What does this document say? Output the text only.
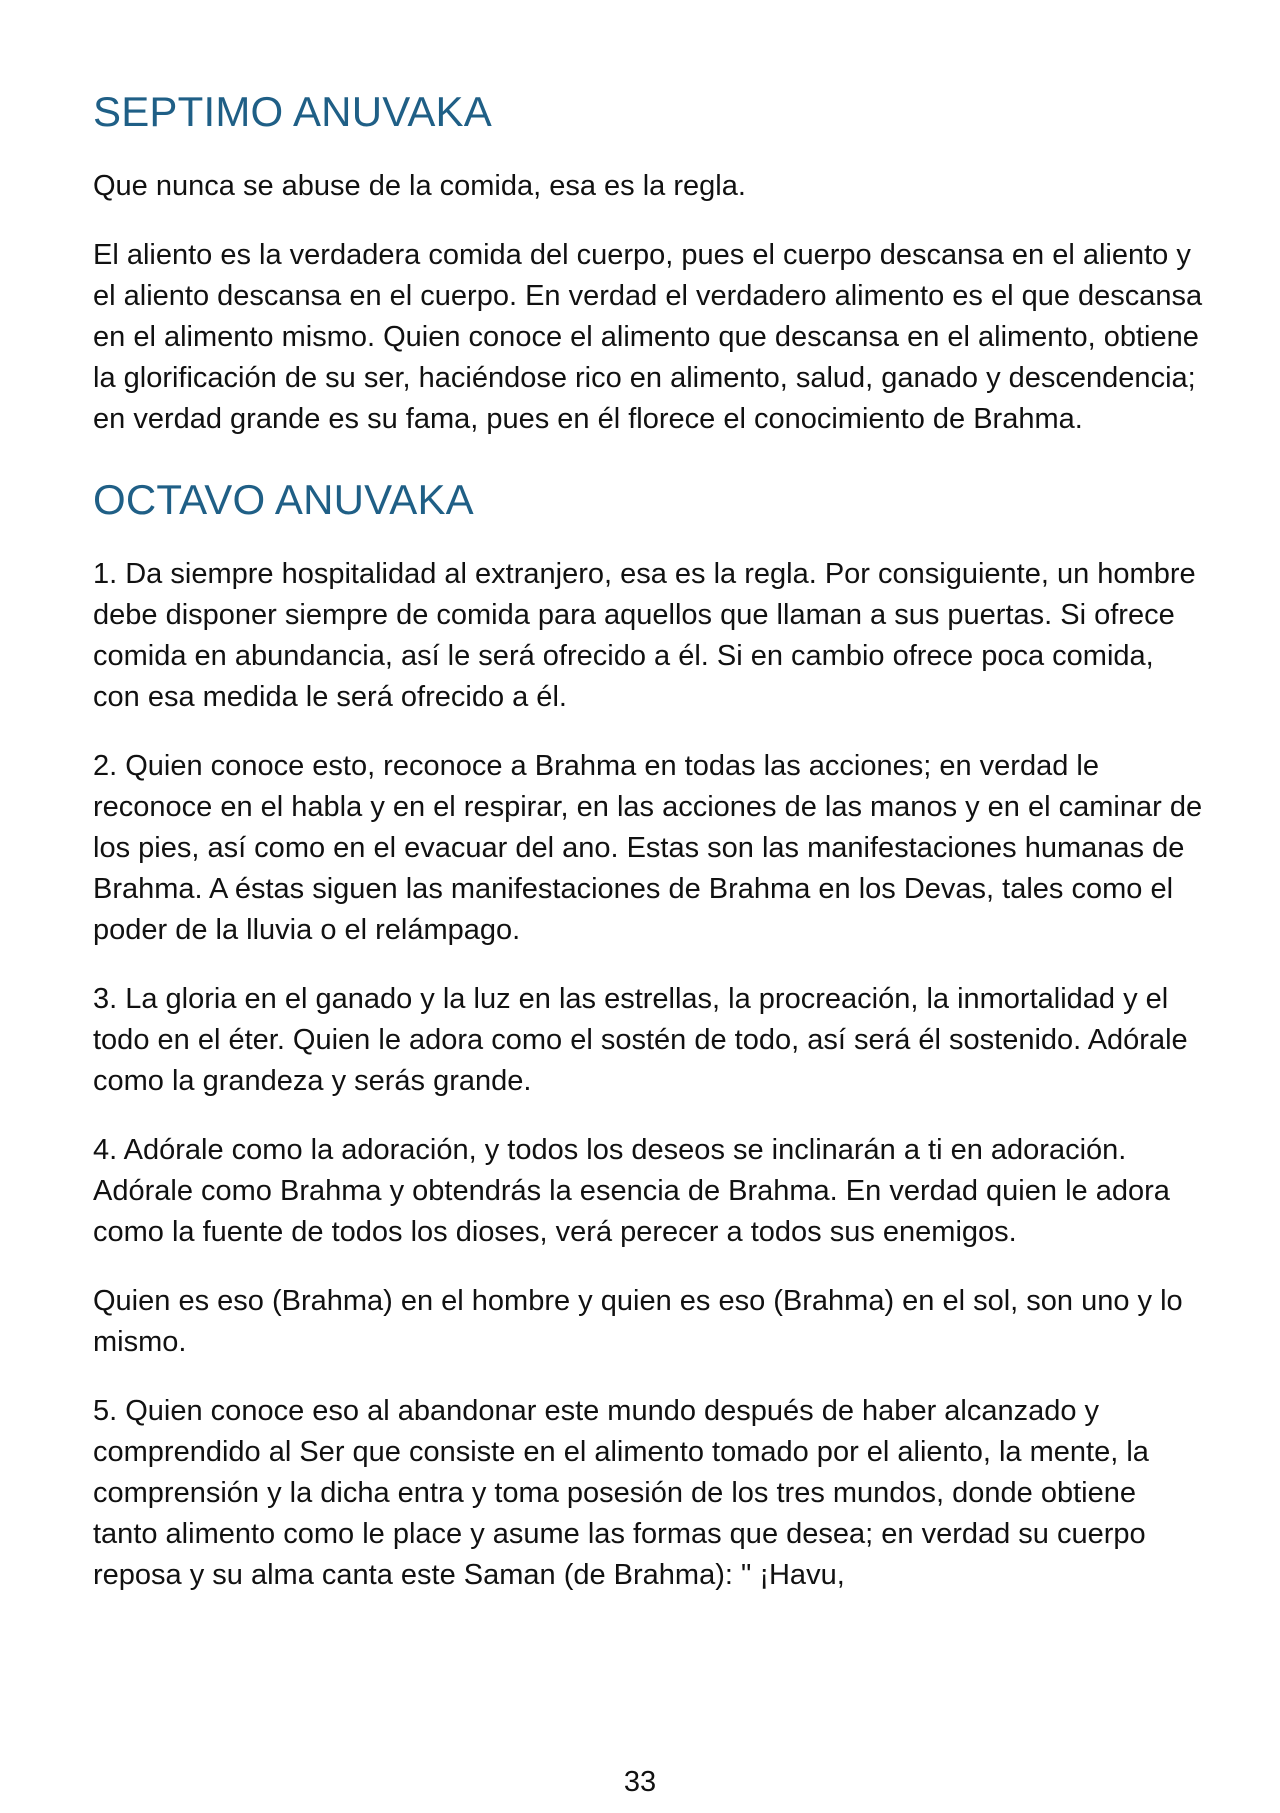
SEPTIMO ANUVAKA

Que nunca se abuse de la comida, esa es la regla.

El aliento es la verdadera comida del cuerpo, pues el cuerpo descansa en el aliento y el aliento descansa en el cuerpo. En verdad el verdadero alimento es el que descansa en el alimento mismo. Quien conoce el alimento que descansa en el alimento, obtiene la glorificación de su ser, haciéndose rico en alimento, salud, ganado y descendencia; en verdad grande es su fama, pues en él florece el conocimiento de Brahma.

OCTAVO ANUVAKA

1. Da siempre hospitalidad al extranjero, esa es la regla. Por consiguiente, un hombre debe disponer siempre de comida para aquellos que llaman a sus puertas. Si ofrece comida en abundancia, así le será ofrecido a él. Si en cambio ofrece poca comida, con esa medida le será ofrecido a él.

2. Quien conoce esto, reconoce a Brahma en todas las acciones; en verdad le reconoce en el habla y en el respirar, en las acciones de las manos y en el caminar de los pies, así como en el evacuar del ano. Estas son las manifestaciones humanas de Brahma. A éstas siguen las manifestaciones de Brahma en los Devas, tales como el poder de la lluvia o el relámpago.

3. La gloria en el ganado y la luz en las estrellas, la procreación, la inmortalidad y el todo en el éter. Quien le adora como el sostén de todo, así será él sostenido. Adórale como la grandeza y serás grande.

4. Adórale como la adoración, y todos los deseos se inclinarán a ti en adoración. Adórale como Brahma y obtendrás la esencia de Brahma. En verdad quien le adora como la fuente de todos los dioses, verá perecer a todos sus enemigos.

Quien es eso (Brahma) en el hombre y quien es eso (Brahma) en el sol, son uno y lo mismo.

5. Quien conoce eso al abandonar este mundo después de haber alcanzado y comprendido al Ser que consiste en el alimento tomado por el aliento, la mente, la comprensión y la dicha entra y toma posesión de los tres mundos, donde obtiene tanto alimento como le place y asume las formas que desea; en verdad su cuerpo reposa y su alma canta este Saman (de Brahma): " ¡Havu,

33
